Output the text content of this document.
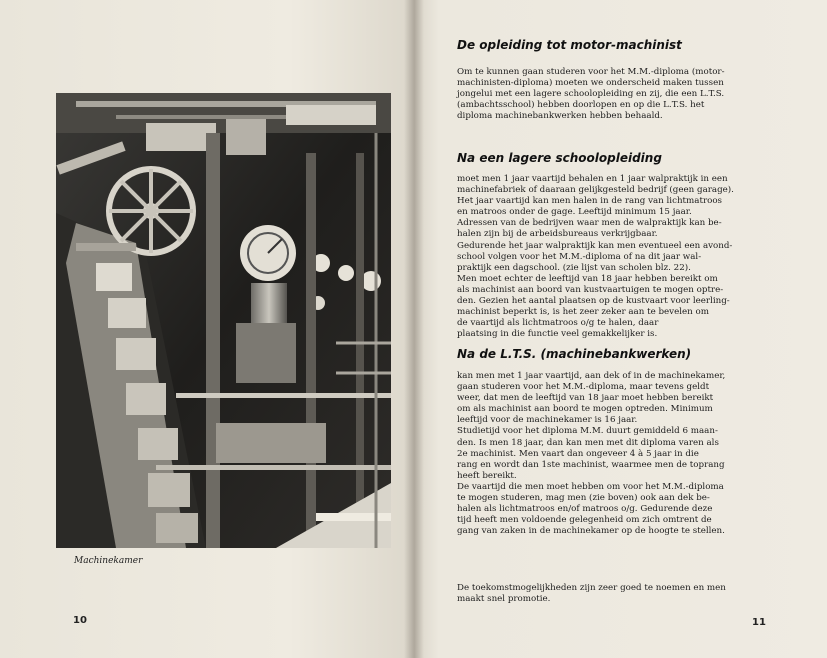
Machinekamer
10
De opleiding tot motor-machinist
Om te kunnen gaan studeren voor het M.M.-diploma (motor-
machinisten-diploma) moeten we onderscheid maken tussen
jongelui met een lagere schoolopleiding en zij, die een L.T.S.
(ambachtsschool) hebben doorlopen en op die L.T.S. het
diploma machinebankwerken hebben behaald.
Na een lagere schoolopleiding
moet men 1 jaar vaartijd behalen en 1 jaar walpraktijk in een
machinefabriek of daaraan gelijkgesteld bedrijf (geen garage).
Het jaar vaartijd kan men halen in de rang van lichtmatroos
en matroos onder de gage. Leeftijd minimum 15 jaar.
Adressen van de bedrijven waar men de walpraktijk kan be-
halen zijn bij de arbeidsbureaus verkrijgbaar.
Gedurende het jaar walpraktijk kan men eventueel een avond-
school volgen voor het M.M.-diploma of na dit jaar wal-
praktijk een dagschool. (zie lijst van scholen blz. 22).
Men moet echter de leeftijd van 18 jaar hebben bereikt om
als machinist aan boord van kustvaartuigen te mogen optre-
den. Gezien het aantal plaatsen op de kustvaart voor leerling-
machinist beperkt is, is het zeer zeker aan te bevelen om
de vaartijd als lichtmatroos o/g te halen, daar
plaatsing in die functie veel gemakkelijker is.
Na de L.T.S. (machinebankwerken)
kan men met 1 jaar vaartijd, aan dek of in de machinekamer,
gaan studeren voor het M.M.-diploma, maar tevens geldt
weer, dat men de leeftijd van 18 jaar moet hebben bereikt
om als machinist aan boord te mogen optreden. Minimum
leeftijd voor de machinekamer is 16 jaar.
Studietijd voor het diploma M.M. duurt gemiddeld 6 maan-
den. Is men 18 jaar, dan kan men met dit diploma varen als
2e machinist. Men vaart dan ongeveer 4 à 5 jaar in die
rang en wordt dan 1ste machinist, waarmee men de toprang
heeft bereikt.
De vaartijd die men moet hebben om voor het M.M.-diploma
te mogen studeren, mag men (zie boven) ook aan dek be-
halen als lichtmatroos en/of matroos o/g. Gedurende deze
tijd heeft men voldoende gelegenheid om zich omtrent de
gang van zaken in de machinekamer op de hoogte te stellen.
De toekomstmogelijkheden zijn zeer goed te noemen en men
maakt snel promotie.
11
